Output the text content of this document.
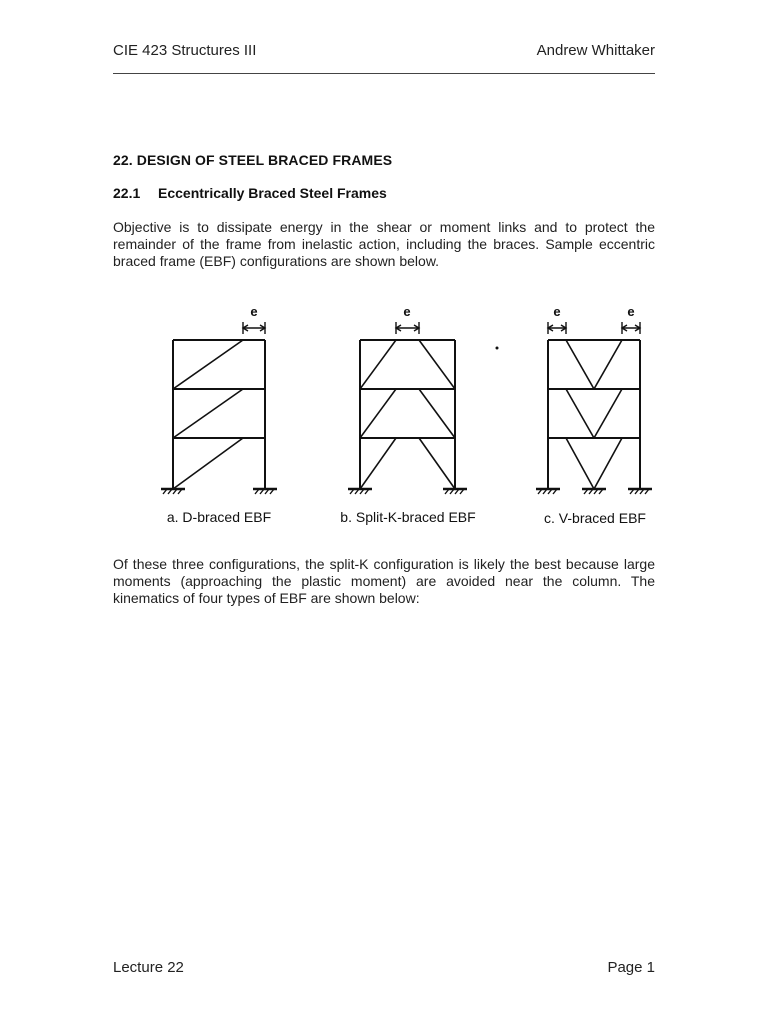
CIE 423 Structures III	Andrew Whittaker
22. DESIGN OF STEEL BRACED FRAMES
22.1	Eccentrically Braced Steel Frames

Objective is to dissipate energy in the shear or moment links and to protect the remainder of the frame from inelastic action, including the braces. Sample eccentric braced frame (EBF) configurations are shown below.

e
a. D-braced EBF
e
b. Split-K-braced EBF
e	e
c. V-braced EBF

Of these three configurations, the split-K configuration is likely the best because large moments (approaching the plastic moment) are avoided near the column. The kinematics of four types of EBF are shown below:

Lecture 22	Page 1
